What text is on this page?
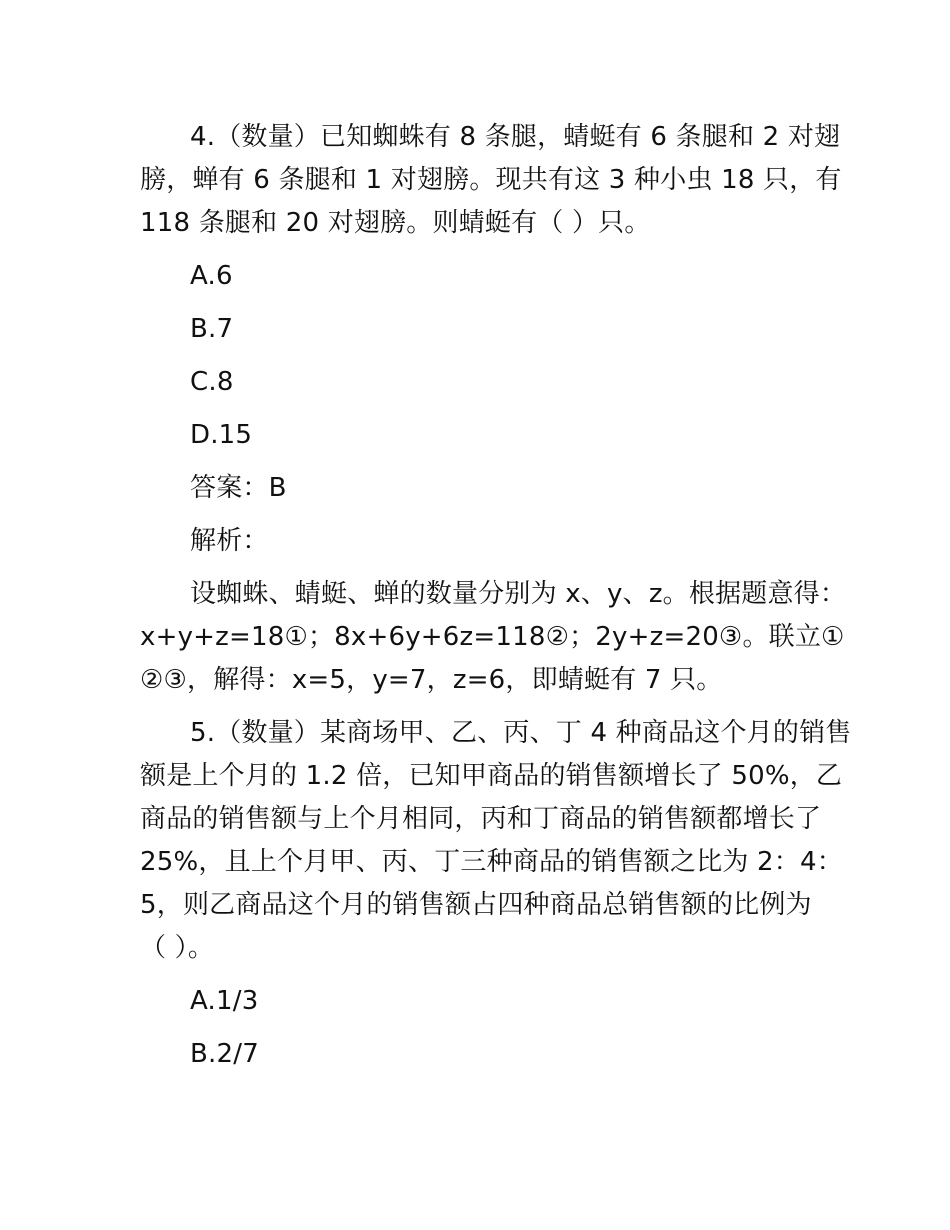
4.（数量）已知蜘蛛有 8 条腿，蜻蜓有 6 条腿和 2 对翅
膀，蝉有 6 条腿和 1 对翅膀。现共有这 3 种小虫 18 只，有
118 条腿和 20 对翅膀。则蜻蜓有（ ）只。
A.6
B.7
C.8
D.15
答案：B
解析：
设蜘蛛、蜻蜓、蝉的数量分别为 x、y、z。根据题意得：
x+y+z=18①；8x+6y+6z=118②；2y+z=20③。联立①
②③，解得：x=5，y=7，z=6，即蜻蜓有 7 只。
5.（数量）某商场甲、乙、丙、丁 4 种商品这个月的销售
额是上个月的 1.2 倍，已知甲商品的销售额增长了 50%，乙
商品的销售额与上个月相同，丙和丁商品的销售额都增长了
25%，且上个月甲、丙、丁三种商品的销售额之比为 2：4：
5，则乙商品这个月的销售额占四种商品总销售额的比例为
（ ）。
A.1/3
B.2/7
